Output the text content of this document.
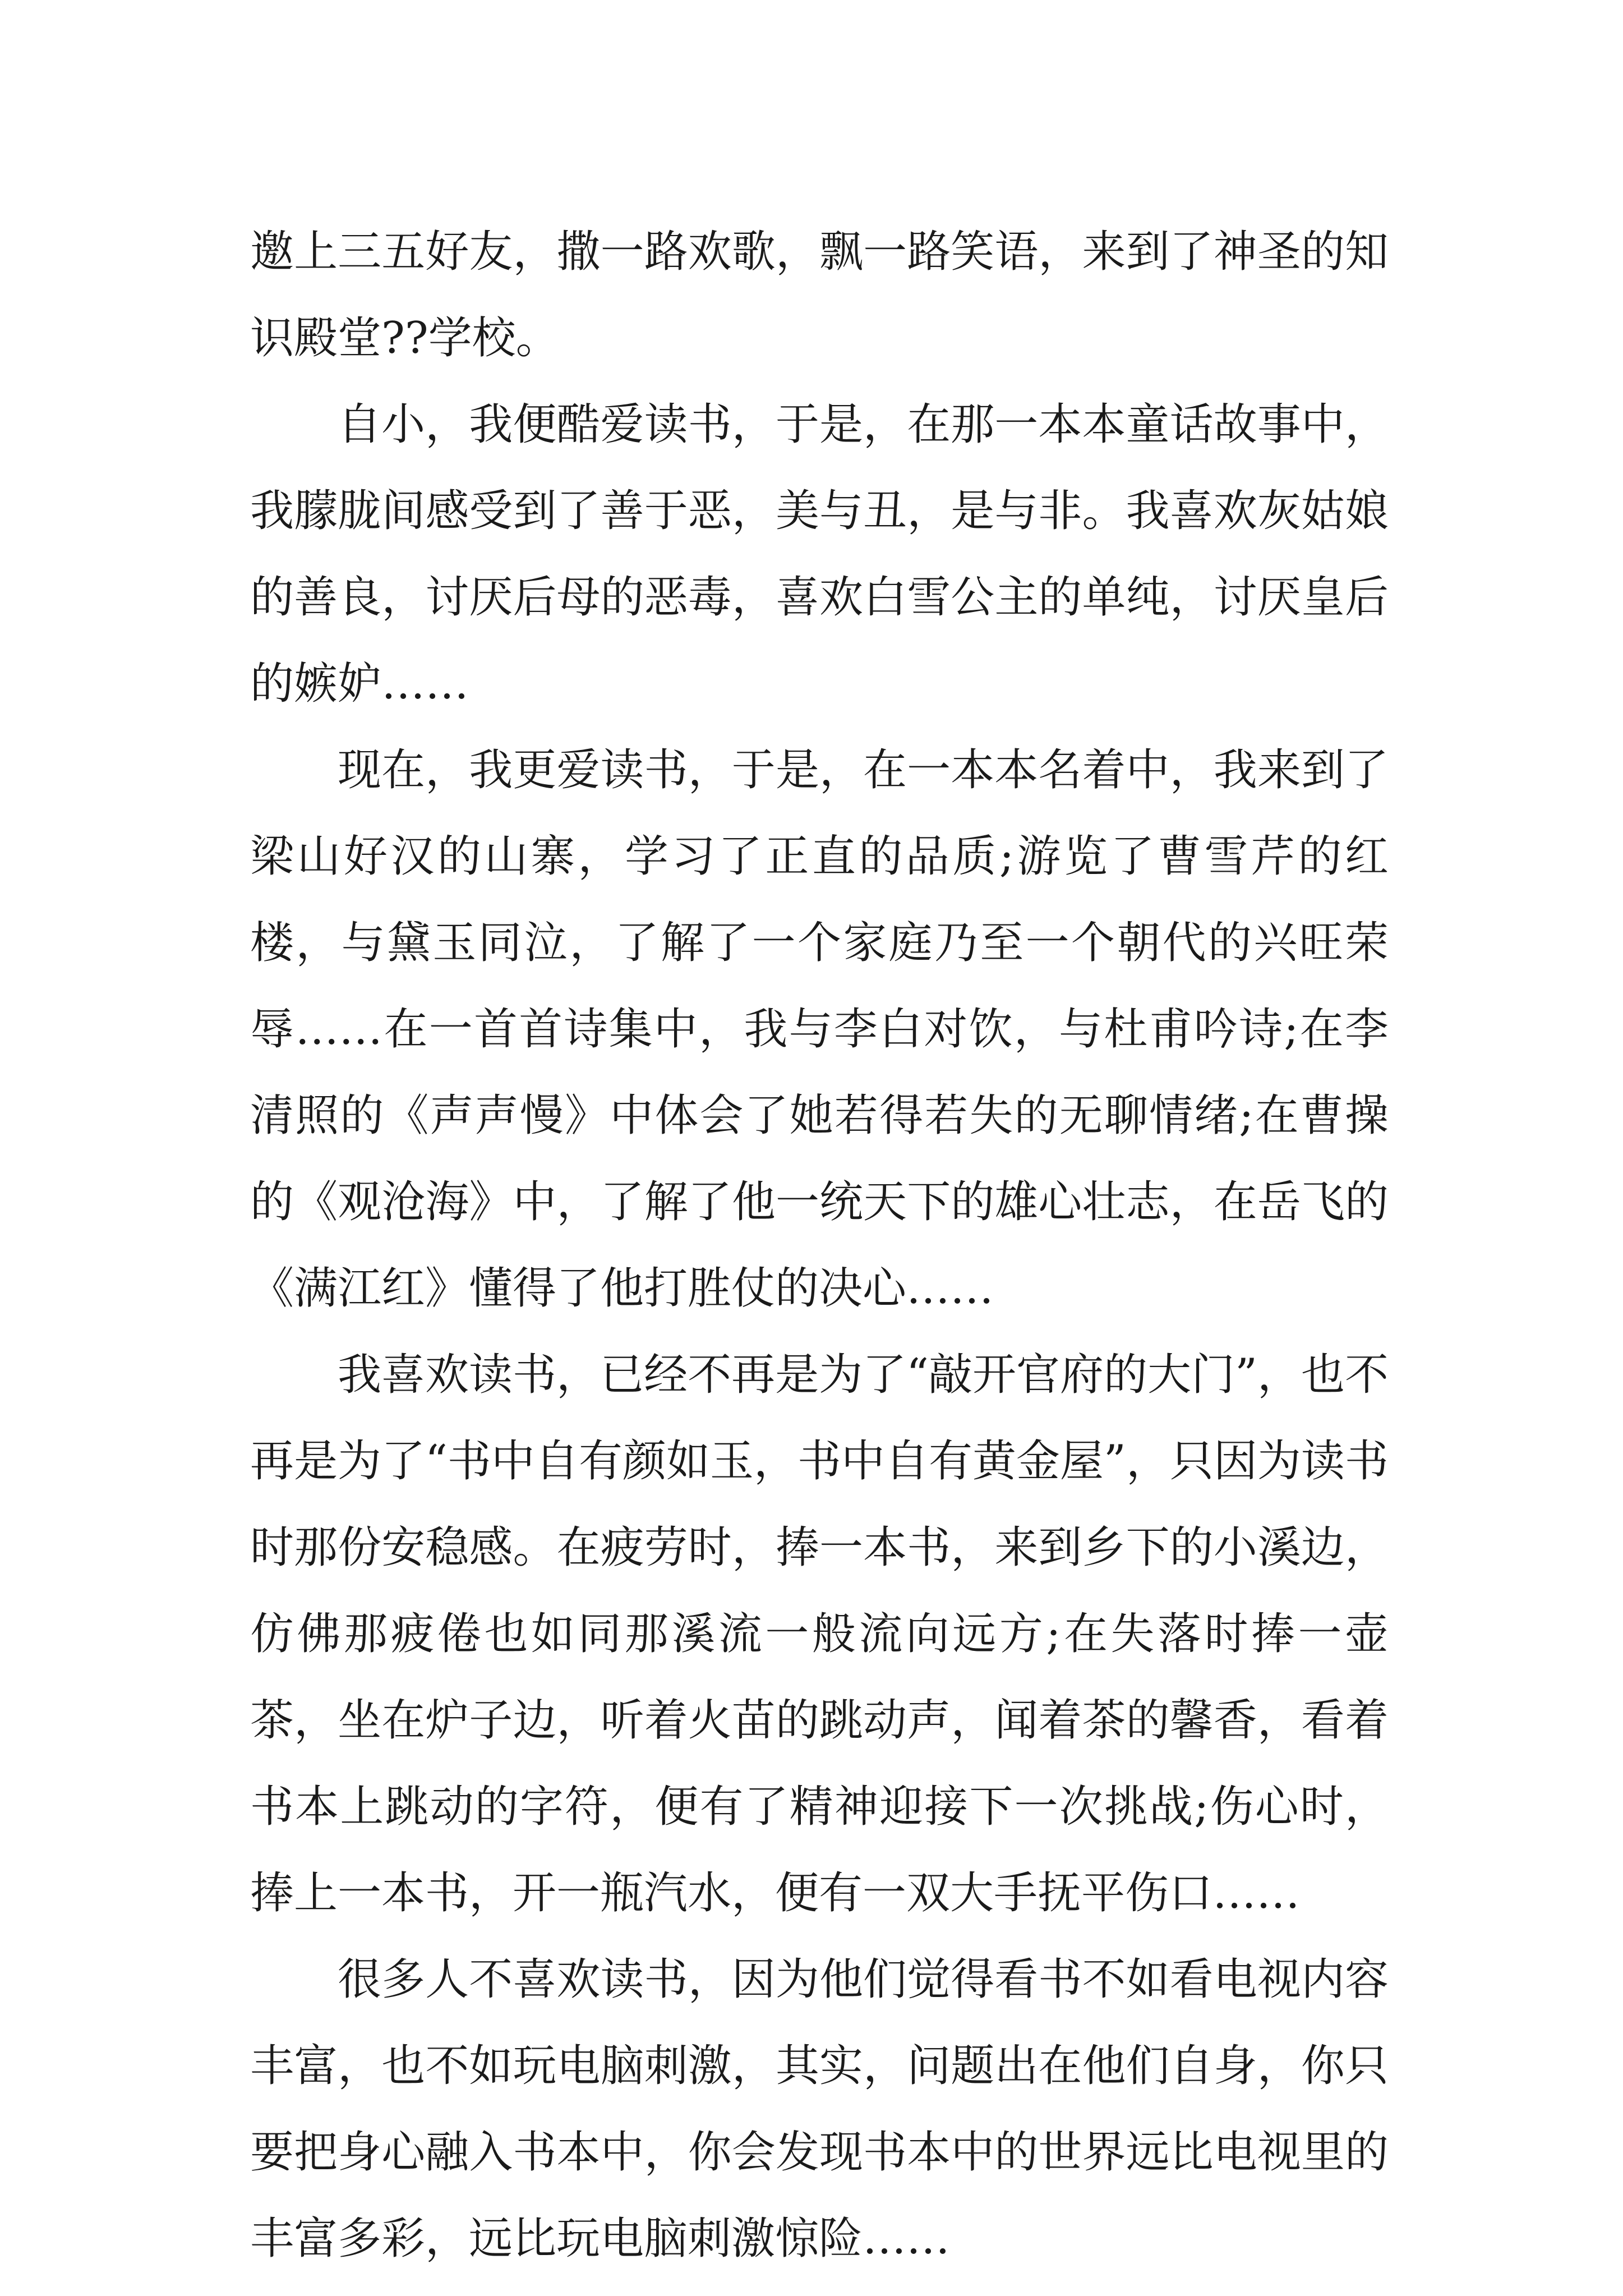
邀上三五好友，撒一路欢歌，飘一路笑语，来到了神圣的知识殿堂??学校。

自小，我便酷爱读书，于是，在那一本本童话故事中，我朦胧间感受到了善于恶，美与丑，是与非。我喜欢灰姑娘的善良，讨厌后母的恶毒，喜欢白雪公主的单纯，讨厌皇后的嫉妒……

现在，我更爱读书，于是，在一本本名着中，我来到了梁山好汉的山寨，学习了正直的品质;游览了曹雪芹的红楼，与黛玉同泣，了解了一个家庭乃至一个朝代的兴旺荣辱……在一首首诗集中，我与李白对饮，与杜甫吟诗;在李清照的《声声慢》中体会了她若得若失的无聊情绪;在曹操的《观沧海》中，了解了他一统天下的雄心壮志，在岳飞的《满江红》懂得了他打胜仗的决心……

我喜欢读书，已经不再是为了“敲开官府的大门”，也不再是为了“书中自有颜如玉，书中自有黄金屋”，只因为读书时那份安稳感。在疲劳时，捧一本书，来到乡下的小溪边，仿佛那疲倦也如同那溪流一般流向远方;在失落时捧一壶茶，坐在炉子边，听着火苗的跳动声，闻着茶的馨香，看着书本上跳动的字符，便有了精神迎接下一次挑战;伤心时，捧上一本书，开一瓶汽水，便有一双大手抚平伤口……

很多人不喜欢读书，因为他们觉得看书不如看电视内容丰富，也不如玩电脑刺激，其实，问题出在他们自身，你只要把身心融入书本中，你会发现书本中的世界远比电视里的丰富多彩，远比玩电脑刺激惊险……
